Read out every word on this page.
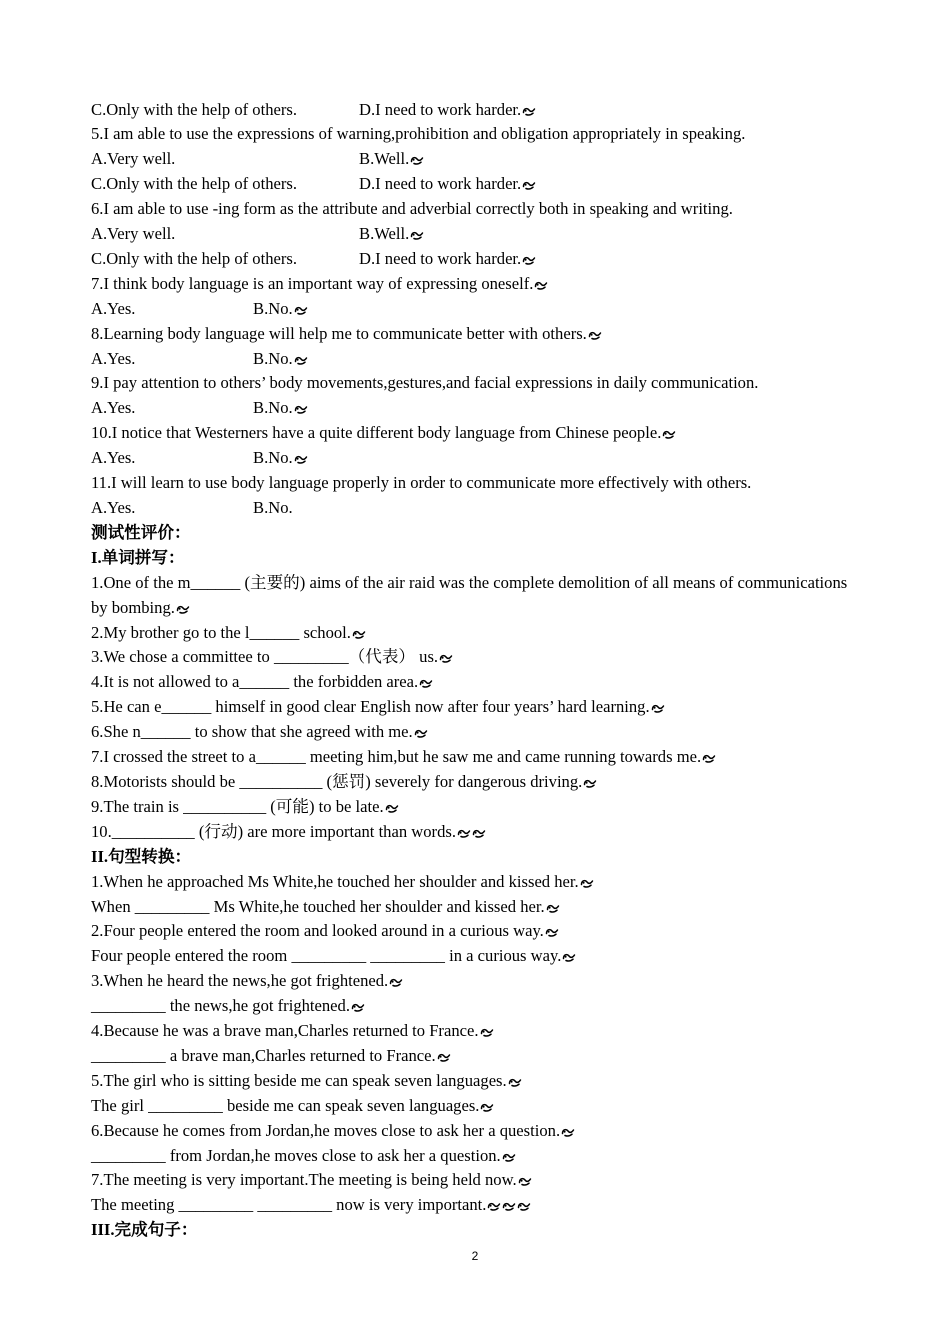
C.Only with the help of others.	D.I need to work harder.
5.I am able to use the expressions of warning,prohibition and obligation appropriately in speaking.
A.Very well.	B.Well.
C.Only with the help of others.	D.I need to work harder.
6.I am able to use -ing form as the attribute and adverbial correctly both in speaking and writing.
A.Very well.	B.Well.
C.Only with the help of others.	D.I need to work harder.
7.I think body language is an important way of expressing oneself.
A.Yes.	B.No.
8.Learning body language will help me to communicate better with others.
A.Yes.	B.No.
9.I pay attention to others’ body movements,gestures,and facial expressions in daily communication.
A.Yes.	B.No.
10.I notice that Westerners have a quite different body language from Chinese people.
A.Yes.	B.No.
11.I will learn to use body language properly in order to communicate more effectively with others.
A.Yes.	B.No.
测试性评价：
I.单词拼写：
1.One of the m______ (主要的) aims of the air raid was the complete demolition of all means of communications
by bombing.
2.My brother go to the l______ school.
3.We chose a committee to _________（代表） us.
4.It is not allowed to a______ the forbidden area.
5.He can e______ himself in good clear English now after four years’ hard learning.
6.She n______ to show that she agreed with me.
7.I crossed the street to a______ meeting him,but he saw me and came running towards me.
8.Motorists should be __________ (惩罚) severely for dangerous driving.
9.The train is __________ (可能) to be late.
10.__________ (行动) are more important than words.
II.句型转换：
1.When he approached Ms White,he touched her shoulder and kissed her.
When _________ Ms White,he touched her shoulder and kissed her.
2.Four people entered the room and looked around in a curious way.
Four people entered the room _________ _________ in a curious way.
3.When he heard the news,he got frightened.
_________ the news,he got frightened.
4.Because he was a brave man,Charles returned to France.
_________ a brave man,Charles returned to France.
5.The girl who is sitting beside me can speak seven languages.
The girl _________ beside me can speak seven languages.
6.Because he comes from Jordan,he moves close to ask her a question.
_________ from Jordan,he moves close to ask her a question.
7.The meeting is very important.The meeting is being held now.
The meeting _________ _________ now is very important.
III.完成句子：
2
